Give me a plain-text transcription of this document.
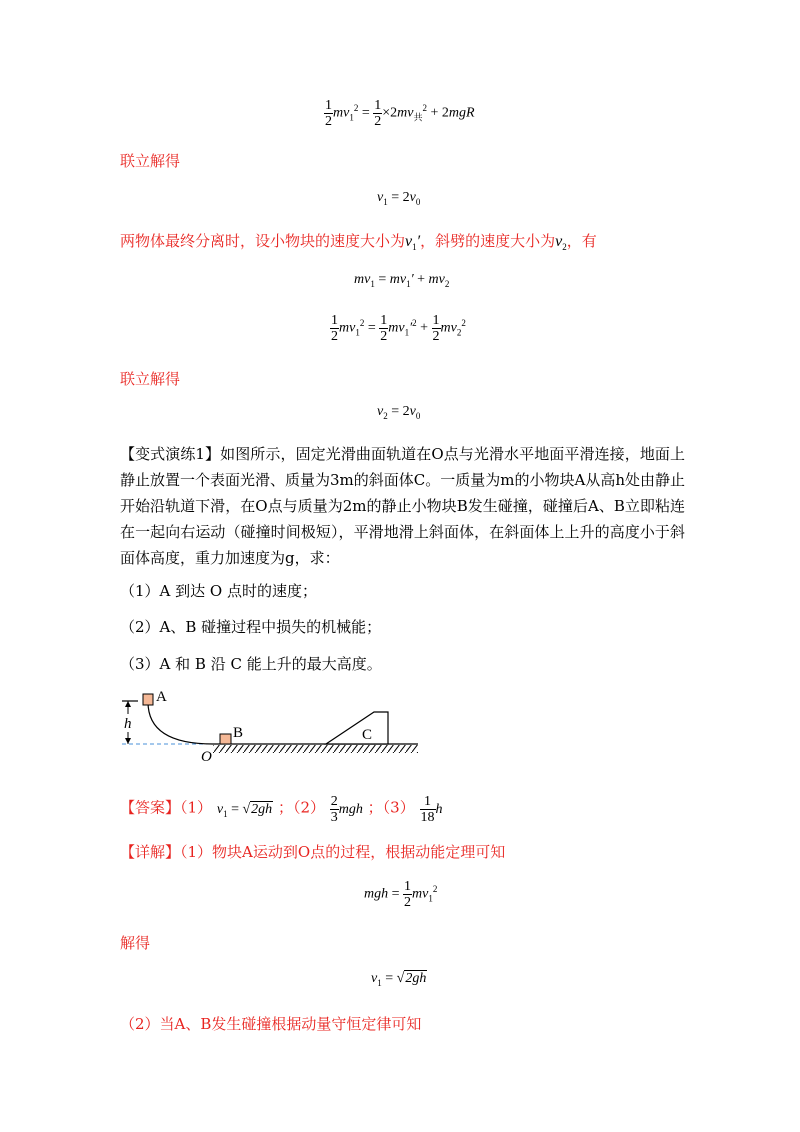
$\frac{1}{2} mv_1^2 = \frac{1}{2} \times 2mv_共^2 + 2mgR$
联立解得
$v_1 = 2v_0$
两物体最终分离时，设小物块的速度大小为$v_1'$，斜劈的速度大小为$v_2$，有
$mv_1 = mv_1' + mv_2$
$\frac{1}{2} mv_1^2 = \frac{1}{2} mv_1'^2 + \frac{1}{2} mv_2^2$
联立解得
$v_2 = 2v_0$
【变式演练1】如图所示，固定光滑曲面轨道在O点与光滑水平地面平滑连接，地面上静止放置一个表面光滑、质量为3m的斜面体C。一质量为m的小物块A从高h处由静止开始沿轨道下滑，在O点与质量为2m的静止小物块B发生碰撞，碰撞后A、B立即粘连在一起向右运动（碰撞时间极短），平滑地滑上斜面体，在斜面体上上升的高度小于斜面体高度，重力加速度为g，求：
（1）A 到达 O 点时的速度；
（2）A、B 碰撞过程中损失的机械能；
（3）A 和 B 沿 C 能上升的最大高度。
h
A
B
O
C
【答案】（1） $v_1 = √2gh$ ；$(2) \frac{2}{3}$ mgh ；$(3) \frac{1}{18}$ h
【详解】（1）物块A运动到O点的过程，根据动能定理可知
mgh = $\frac{1}{2} mv_1^2$
解得
$v_1 = √2gh$
（2）当A、B发生碰撞根据动量守恒定律可知
